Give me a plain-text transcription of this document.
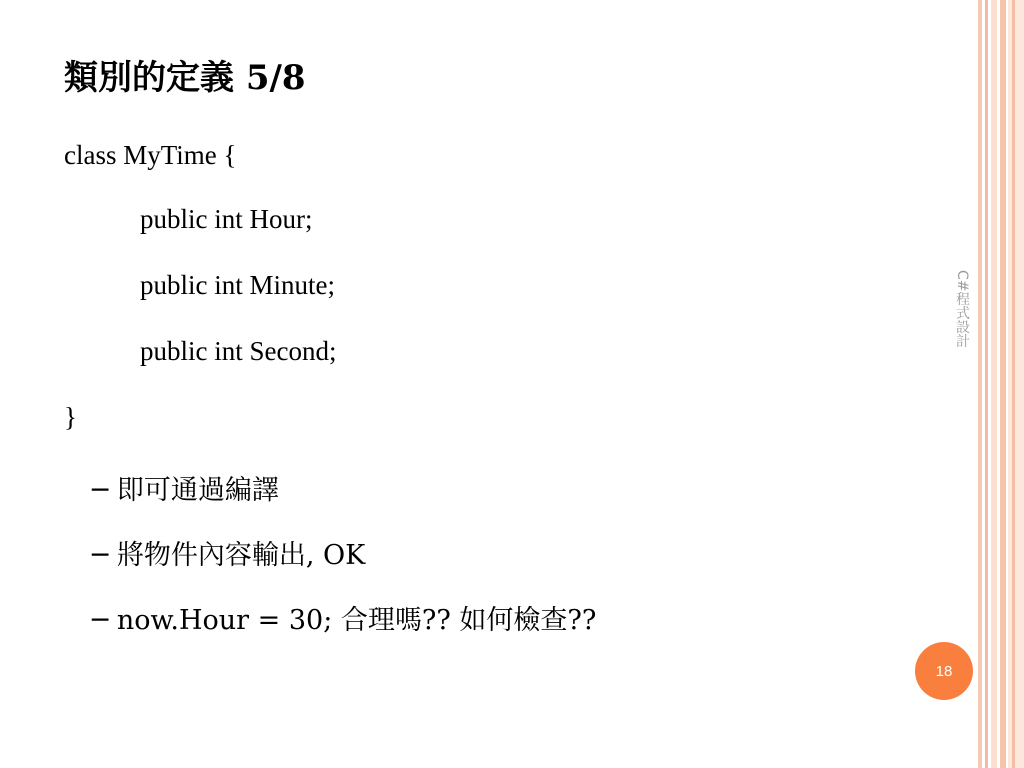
類別的定義 5/8
class MyTime {
public int Hour;
public int Minute;
public int Second;
}
─ 即可通過編譯
─ 將物件內容輸出, OK
─ now.Hour = 30; 合理嗎?? 如何檢查??
C#程式設計
18
